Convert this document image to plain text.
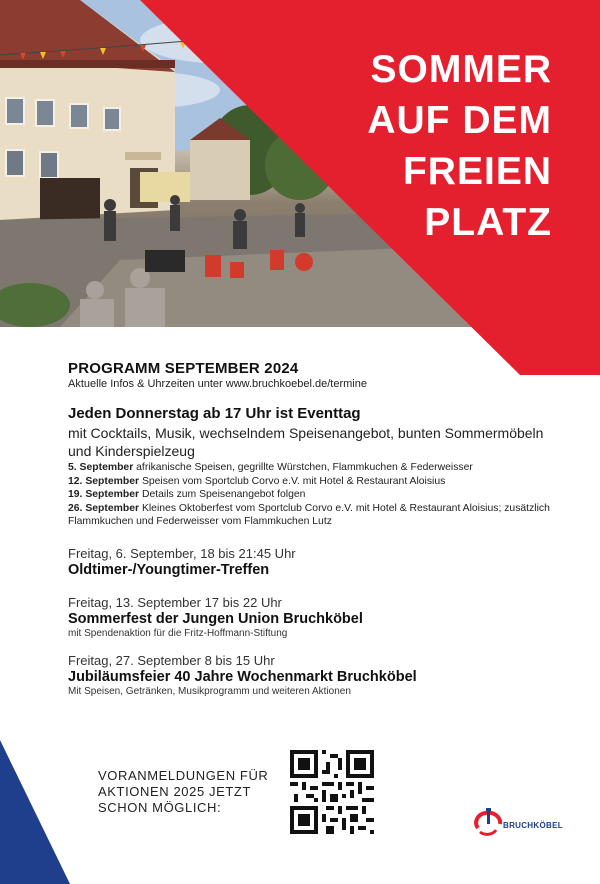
SOMMER
AUF DEM
FREIEN
PLATZ
PROGRAMM SEPTEMBER 2024
Aktuelle Infos & Uhrzeiten unter www.bruchkoebel.de/termine
Jeden Donnerstag ab 17 Uhr ist Eventtag
mit Cocktails, Musik, wechselndem Speisenangebot, bunten Sommermöbeln und Kinderspielzeug
5. September afrikanische Speisen, gegrillte Würstchen, Flammkuchen & Federweisser
12. September Speisen vom Sportclub Corvo e.V. mit Hotel & Restaurant Aloisius
19. September Details zum Speisenangebot folgen
26. September Kleines Oktoberfest vom Sportclub Corvo e.V. mit Hotel & Restaurant Aloisius; zusätzlich Flammkuchen und Federweisser vom Flammkuchen Lutz
Freitag, 6. September, 18 bis 21:45 Uhr
Oldtimer-/Youngtimer-Treffen
Freitag, 13. September 17 bis 22 Uhr
Sommerfest der Jungen Union Bruchköbel
mit Spendenaktion für die Fritz-Hoffmann-Stiftung
Freitag, 27. September 8 bis 15 Uhr
Jubiläumsfeier 40 Jahre Wochenmarkt Bruchköbel
Mit Speisen, Getränken, Musikprogramm und weiteren Aktionen
VORANMELDUNGEN FÜR
AKTIONEN 2025 JETZT
SCHON MÖGLICH:
BRUCHKÖBEL
